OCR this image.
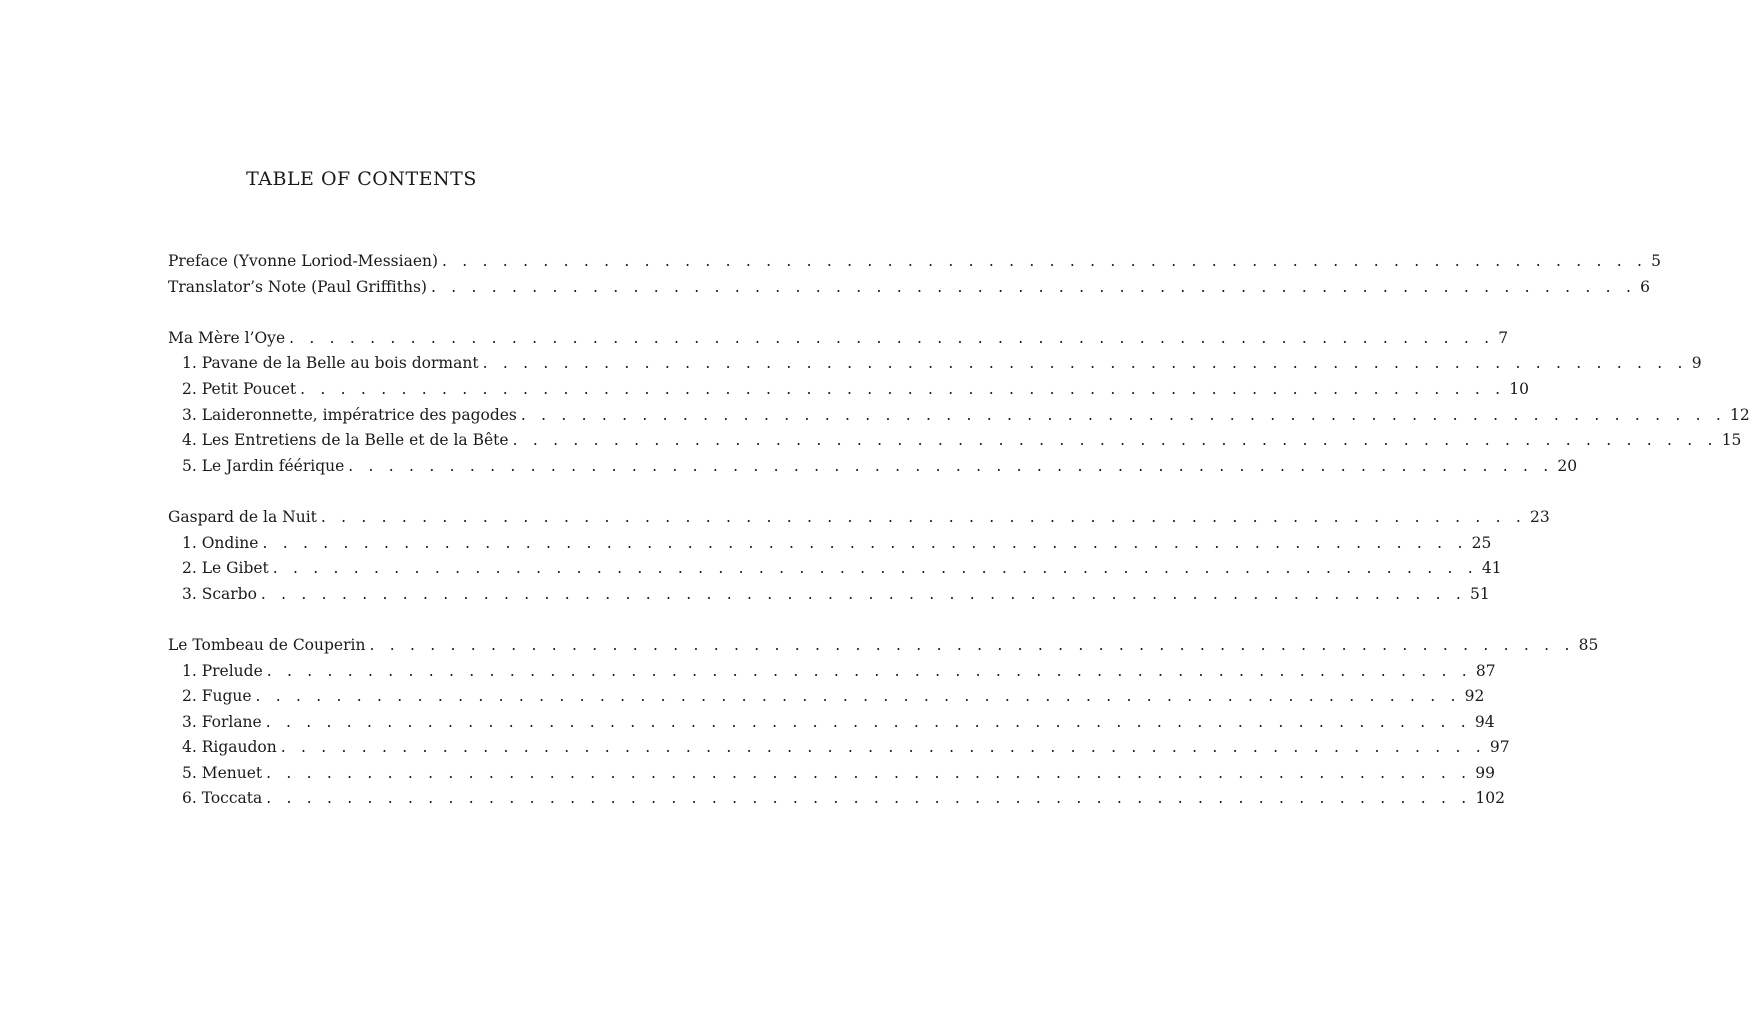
TABLE OF CONTENTS
Preface (Yvonne Loriod-Messiaen) . . . . . . . . . . . . . . . . . . . . . . . . . . . . . . . . . . . . . . . . . . . . . . . . . . . . . . . . . . . . 5
Translator’s Note (Paul Griffiths) . . . . . . . . . . . . . . . . . . . . . . . . . . . . . . . . . . . . . . . . . . . . . . . . . . . . . . . . . . . . 6
Ma Mère l’Oye . . . . . . . . . . . . . . . . . . . . . . . . . . . . . . . . . . . . . . . . . . . . . . . . . . . . . . . . . . . . 7
1. Pavane de la Belle au bois dormant . . . . . . . . . . . . . . . . . . . . . . . . . . . . . . . . . . . . . . . . . . . . . . . . . . . . . . . . . . . . 9
2. Petit Poucet . . . . . . . . . . . . . . . . . . . . . . . . . . . . . . . . . . . . . . . . . . . . . . . . . . . . . . . . . . . . 10
3. Laideronnette, impératrice des pagodes . . . . . . . . . . . . . . . . . . . . . . . . . . . . . . . . . . . . . . . . . . . . . . . . . . . . . . . . . . . . 12
4. Les Entretiens de la Belle et de la Bête . . . . . . . . . . . . . . . . . . . . . . . . . . . . . . . . . . . . . . . . . . . . . . . . . . . . . . . . . . . . 15
5. Le Jardin féérique . . . . . . . . . . . . . . . . . . . . . . . . . . . . . . . . . . . . . . . . . . . . . . . . . . . . . . . . . . . . 20
Gaspard de la Nuit . . . . . . . . . . . . . . . . . . . . . . . . . . . . . . . . . . . . . . . . . . . . . . . . . . . . . . . . . . . . 23
1. Ondine . . . . . . . . . . . . . . . . . . . . . . . . . . . . . . . . . . . . . . . . . . . . . . . . . . . . . . . . . . . . 25
2. Le Gibet . . . . . . . . . . . . . . . . . . . . . . . . . . . . . . . . . . . . . . . . . . . . . . . . . . . . . . . . . . . . 41
3. Scarbo . . . . . . . . . . . . . . . . . . . . . . . . . . . . . . . . . . . . . . . . . . . . . . . . . . . . . . . . . . . . 51
Le Tombeau de Couperin . . . . . . . . . . . . . . . . . . . . . . . . . . . . . . . . . . . . . . . . . . . . . . . . . . . . . . . . . . . . 85
1. Prelude . . . . . . . . . . . . . . . . . . . . . . . . . . . . . . . . . . . . . . . . . . . . . . . . . . . . . . . . . . . . 87
2. Fugue . . . . . . . . . . . . . . . . . . . . . . . . . . . . . . . . . . . . . . . . . . . . . . . . . . . . . . . . . . . . 92
3. Forlane . . . . . . . . . . . . . . . . . . . . . . . . . . . . . . . . . . . . . . . . . . . . . . . . . . . . . . . . . . . . 94
4. Rigaudon . . . . . . . . . . . . . . . . . . . . . . . . . . . . . . . . . . . . . . . . . . . . . . . . . . . . . . . . . . . . 97
5. Menuet . . . . . . . . . . . . . . . . . . . . . . . . . . . . . . . . . . . . . . . . . . . . . . . . . . . . . . . . . . . . 99
6. Toccata . . . . . . . . . . . . . . . . . . . . . . . . . . . . . . . . . . . . . . . . . . . . . . . . . . . . . . . . . . . . 102
